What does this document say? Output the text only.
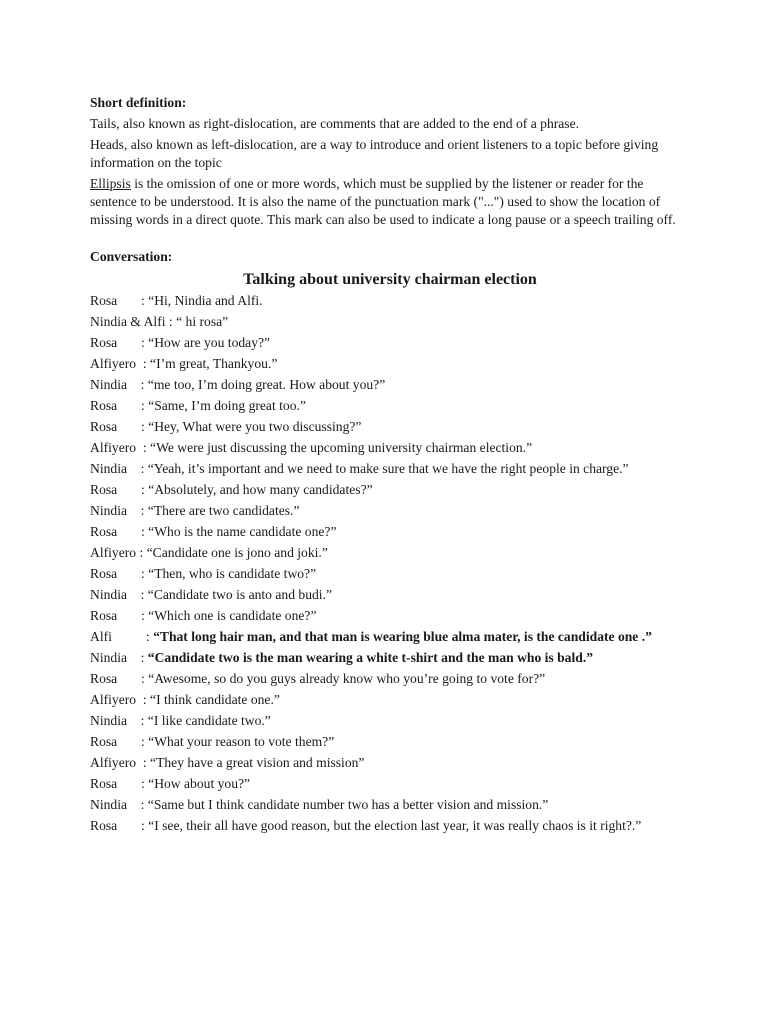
Short definition:
Tails, also known as right-dislocation, are comments that are added to the end of a phrase.
Heads, also known as left-dislocation, are a way to introduce and orient listeners to a topic before giving information on the topic
Ellipsis is the omission of one or more words, which must be supplied by the listener or reader for the sentence to be understood. It is also the name of the punctuation mark ("...") used to show the location of missing words in a direct quote. This mark can also be used to indicate a long pause or a speech trailing off.
Conversation:
Talking about university chairman election
Rosa       : “Hi, Nindia and Alfi.
Nindia & Alfi : “ hi rosa”
Rosa       : “How are you today?”
Alfiyero  : “I’m great, Thankyou.”
Nindia    : “me too, I’m doing great. How about you?”
Rosa       : “Same, I’m doing great too.”
Rosa       : “Hey, What were you two discussing?”
Alfiyero  : “We were just discussing the upcoming university chairman election.”
Nindia    : “Yeah, it’s important and we need to make sure that we have the right people in charge.”
Rosa       : “Absolutely, and how many candidates?”
Nindia    : “There are two candidates.”
Rosa       : “Who is the name candidate one?”
Alfiyero : “Candidate one is jono and joki.”
Rosa       : “Then, who is candidate two?”
Nindia    : “Candidate two is anto and budi.”
Rosa       : “Which one is candidate one?”
Alfi          : “That long hair man, and that man is wearing blue alma mater, is the candidate one .”
Nindia    : “Candidate two is the man wearing a white t-shirt and the man who is bald.”
Rosa       : “Awesome, so do you guys already know who you’re going to vote for?”
Alfiyero  : “I think candidate one.”
Nindia    : “I like candidate two.”
Rosa       : “What your reason to vote them?”
Alfiyero  : “They have a great vision and mission”
Rosa       : “How about you?”
Nindia    : “Same but I think candidate number two has a better vision and mission.”
Rosa       : “I see, their all have good reason, but the election last year, it was really chaos is it right?.”
